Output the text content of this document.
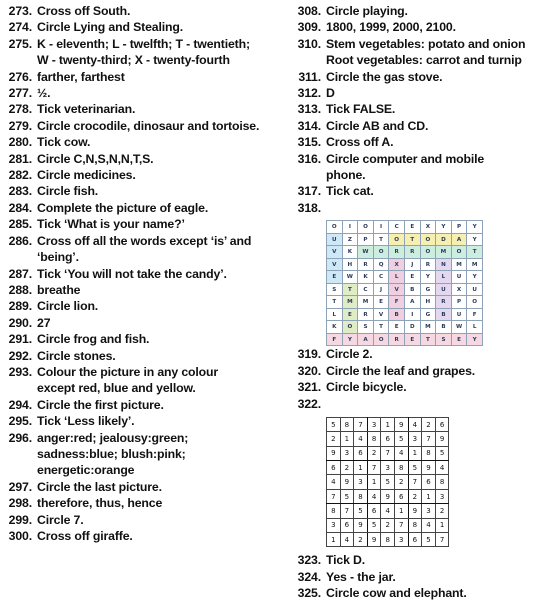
273. Cross off South.
274. Circle Lying and Stealing.
275. K - eleventh; L - twelfth; T - twentieth;
W - twenty-third; X - twenty-fourth
276. farther, farthest
277. ½.
278. Tick veterinarian.
279. Circle crocodile, dinosaur and tortoise.
280. Tick cow.
281. Circle C,N,S,N,N,T,S.
282. Circle medicines.
283. Circle fish.
284. Complete the picture of eagle.
285. Tick ‘What is your name?’
286. Cross off all the words except ‘is’ and
‘being’.
287. Tick ‘You will not take the candy’.
288. breathe
289. Circle lion.
290. 27
291. Circle frog and fish.
292. Circle stones.
293. Colour the picture in any colour
except red, blue and yellow.
294. Circle the first picture.
295. Tick ‘Less likely’.
296. anger:red; jealousy:green;
sadness:blue; blush:pink;
energetic:orange
297. Circle the last picture.
298. therefore, thus, hence
299. Circle 7.
300. Cross off giraffe.
308. Circle playing.
309. 1800, 1999, 2000, 2100.
310. Stem vegetables: potato and onion
Root vegetables: carrot and turnip
311. Circle the gas stove.
312. D
313. Tick FALSE.
314. Circle AB and CD.
315. Cross off A.
316. Circle computer and mobile
phone.
317. Tick cat.
318.
O	I	O	I	C	E	X	Y	P	Y
U	Z	P	T	O	T	O	D	A	Y
V	K	W	O	R	R	O	M	O	T
V	H	R	Q	X	J	R	N	M	M
E	W	K	C	L	E	Y	L	U	Y
S	T	C	J	V	B	G	U	X	U
T	M	M	E	F	A	H	R	P	O
L	E	R	V	B	I	G	B	U	F
K	O	S	T	E	D	M	B	W	L
F	Y	A	O	R	E	T	S	E	Y
319. Circle 2.
320. Circle the leaf and grapes.
321. Circle bicycle.
322.
5	8	7	3	1	9	4	2	6
2	1	4	8	6	5	3	7	9
9	3	6	2	7	4	1	8	5
6	2	1	7	3	8	5	9	4
4	9	3	1	5	2	7	6	8
7	5	8	4	9	6	2	1	3
8	7	5	6	4	1	9	3	2
3	6	9	5	2	7	8	4	1
1	4	2	9	8	3	6	5	7
323. Tick D.
324. Yes - the jar.
325. Circle cow and elephant.
